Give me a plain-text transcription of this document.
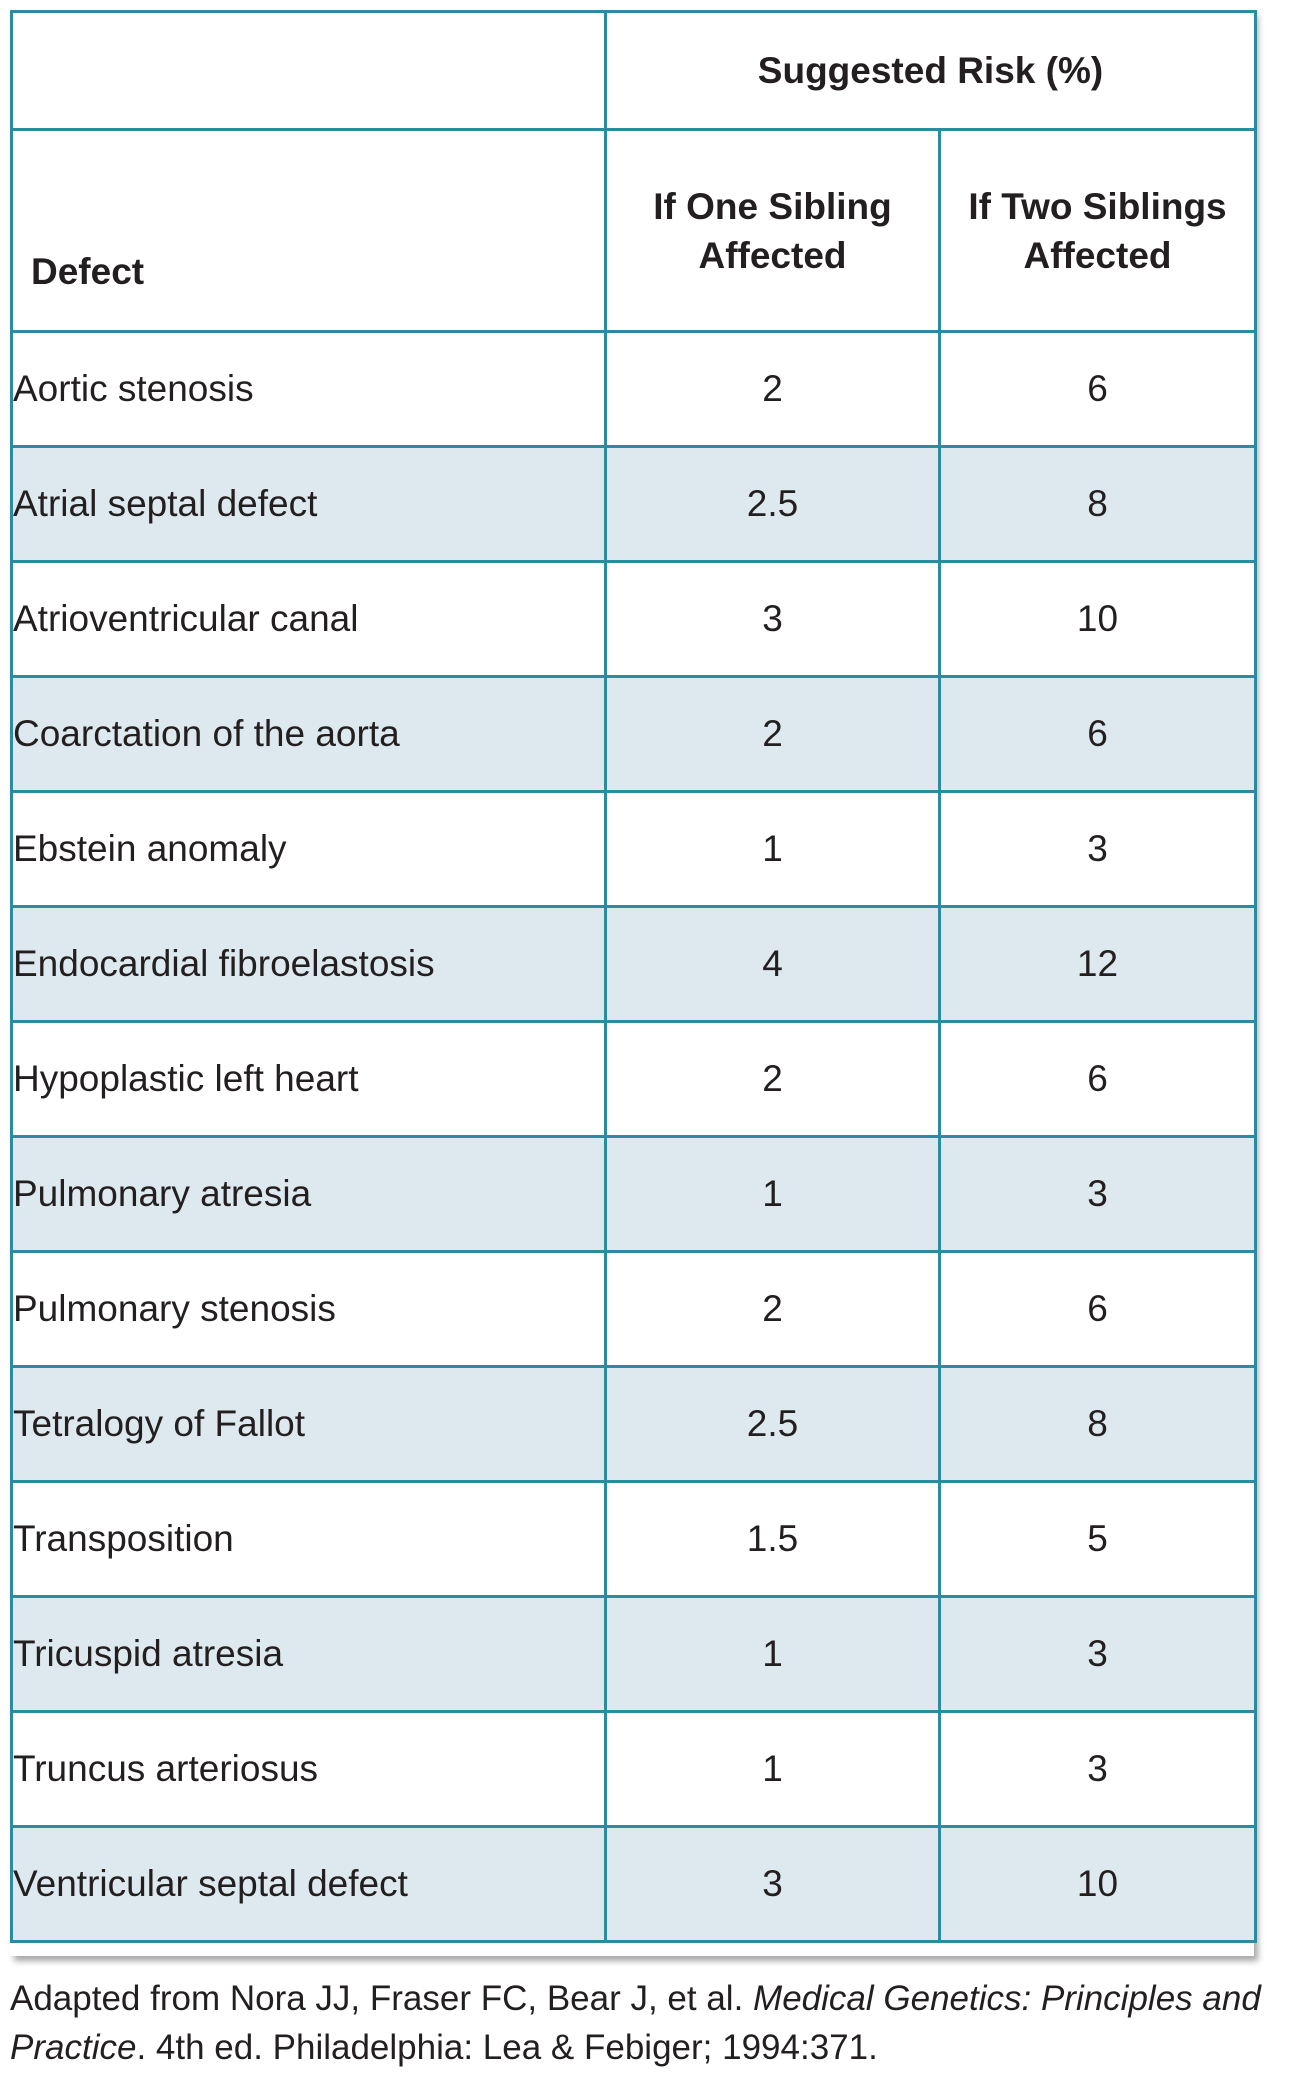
	Suggested Risk (%)	
Defect	If One Sibling Affected	If Two Siblings Affected
Aortic stenosis	2	6
Atrial septal defect	2.5	8
Atrioventricular canal	3	10
Coarctation of the aorta	2	6
Ebstein anomaly	1	3
Endocardial fibroelastosis	4	12
Hypoplastic left heart	2	6
Pulmonary atresia	1	3
Pulmonary stenosis	2	6
Tetralogy of Fallot	2.5	8
Transposition	1.5	5
Tricuspid atresia	1	3
Truncus arteriosus	1	3
Ventricular septal defect	3	10
Adapted from Nora JJ, Fraser FC, Bear J, et al. Medical Genetics: Principles and Practice. 4th ed. Philadelphia: Lea & Febiger; 1994:371.
